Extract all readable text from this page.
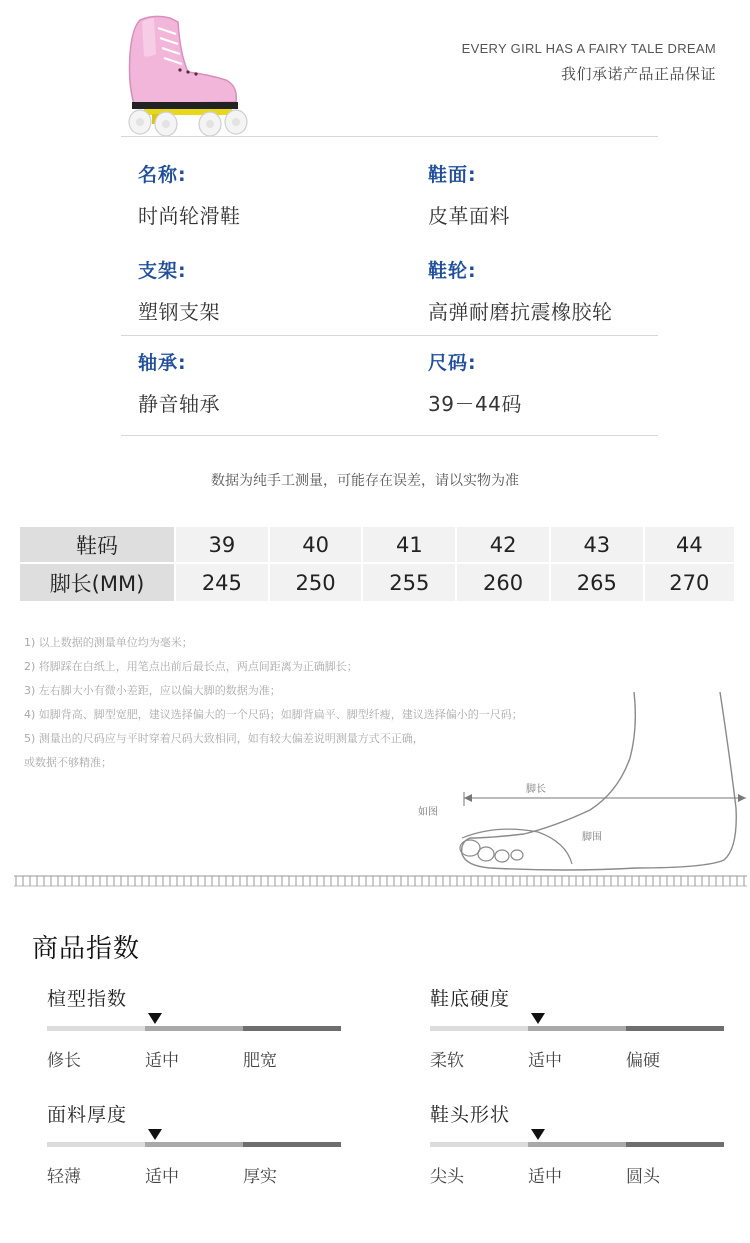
EVERY GIRL HAS A FAIRY TALE DREAM
我们承诺产品正品保证
名称:
时尚轮滑鞋
鞋面:
皮革面料
支架:
塑钢支架
鞋轮:
高弹耐磨抗震橡胶轮
轴承:
静音轴承
尺码:
39－44码
数据为纯手工测量，可能存在误差，请以实物为准
鞋码	39	40	41	42	43	44
脚长(MM)	245	250	255	260	265	270
1) 以上数据的测量单位均为毫米；
2) 将脚踩在白纸上，用笔点出前后最长点，两点间距离为正确脚长；
3) 左右脚大小有微小差距，应以偏大脚的数据为准；
4) 如脚背高、脚型宽肥，建议选择偏大的一个尺码；如脚背扁平、脚型纤瘦，建议选择偏小的一尺码；
5) 测量出的尺码应与平时穿着尺码大致相同，如有较大偏差说明测量方式不正确，
或数据不够精准；
脚长
如图
脚围
商品指数
楦型指数
修长	适中	肥宽
鞋底硬度
柔软	适中	偏硬
面料厚度
轻薄	适中	厚实
鞋头形状
尖头	适中	圆头
